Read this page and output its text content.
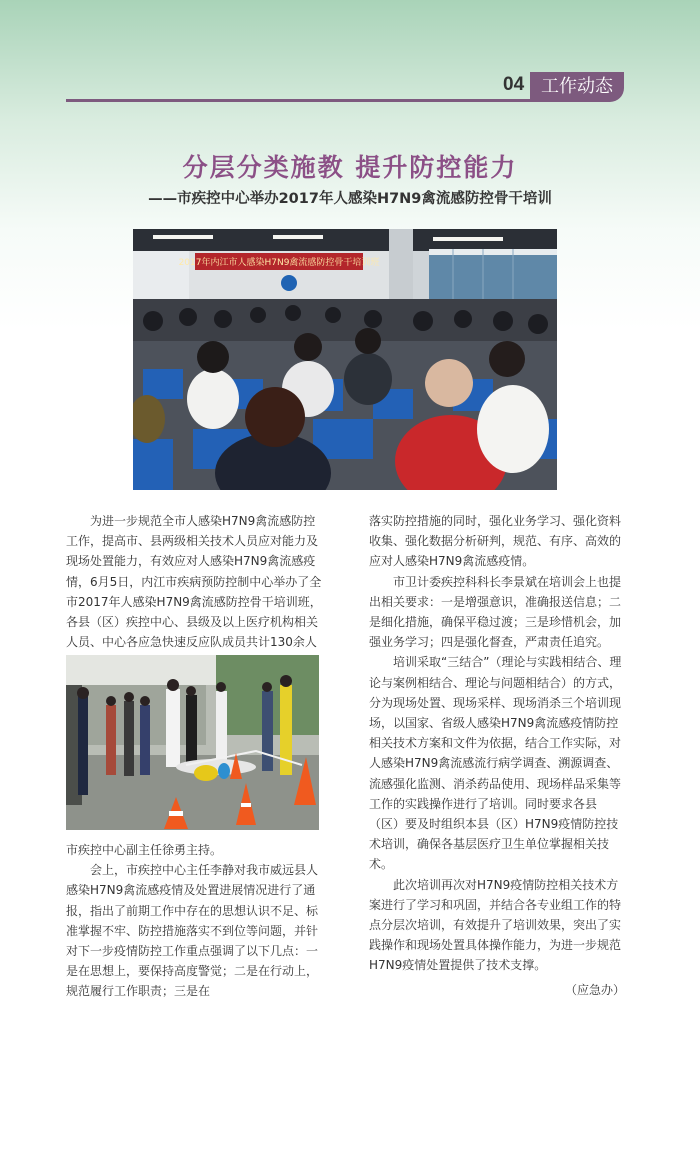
04 工作动态
分层分类施教 提升防控能力
——市疾控中心举办2017年人感染H7N9禽流感防控骨干培训
2017年内江市人感染H7N9禽流感防控骨干培训班

为进一步规范全市人感染H7N9禽流感防控工作，提高市、县两级相关技术人员应对能力及现场处置能力，有效应对人感染H7N9禽流感疫情，6月5日，内江市疾病预防控制中心举办了全市2017年人感染H7N9禽流感防控骨干培训班，各县（区）疾控中心、县级及以上医疗机构相关人员、中心各应急快速反应队成员共计130余人

市疾控中心副主任徐勇主持。

会上，市疾控中心主任李静对我市威远县人感染H7N9禽流感疫情及处置进展情况进行了通报，指出了前期工作中存在的思想认识不足、标准掌握不牢、防控措施落实不到位等问题，并针对下一步疫情防控工作重点强调了以下几点：一是在思想上，要保持高度警觉；二是在行动上，规范履行工作职责；三是在

落实防控措施的同时，强化业务学习、强化资料收集、强化数据分析研判，规范、有序、高效的应对人感染H7N9禽流感疫情。

市卫计委疾控科科长李景斌在培训会上也提出相关要求：一是增强意识，准确报送信息；二是细化措施，确保平稳过渡；三是珍惜机会，加强业务学习；四是强化督查，严肃责任追究。

培训采取“三结合”（理论与实践相结合、理论与案例相结合、理论与问题相结合）的方式，分为现场处置、现场采样、现场消杀三个培训现场，以国家、省级人感染H7N9禽流感疫情防控相关技术方案和文件为依据，结合工作实际，对人感染H7N9禽流感流行病学调查、溯源调查、流感强化监测、消杀药品使用、现场样品采集等工作的实践操作进行了培训。同时要求各县（区）要及时组织本县（区）H7N9疫情防控技术培训，确保各基层医疗卫生单位掌握相关技术。

此次培训再次对H7N9疫情防控相关技术方案进行了学习和巩固，并结合各专业组工作的特点分层次培训，有效提升了培训效果，突出了实践操作和现场处置具体操作能力，为进一步规范H7N9疫情处置提供了技术支撑。

（应急办）
